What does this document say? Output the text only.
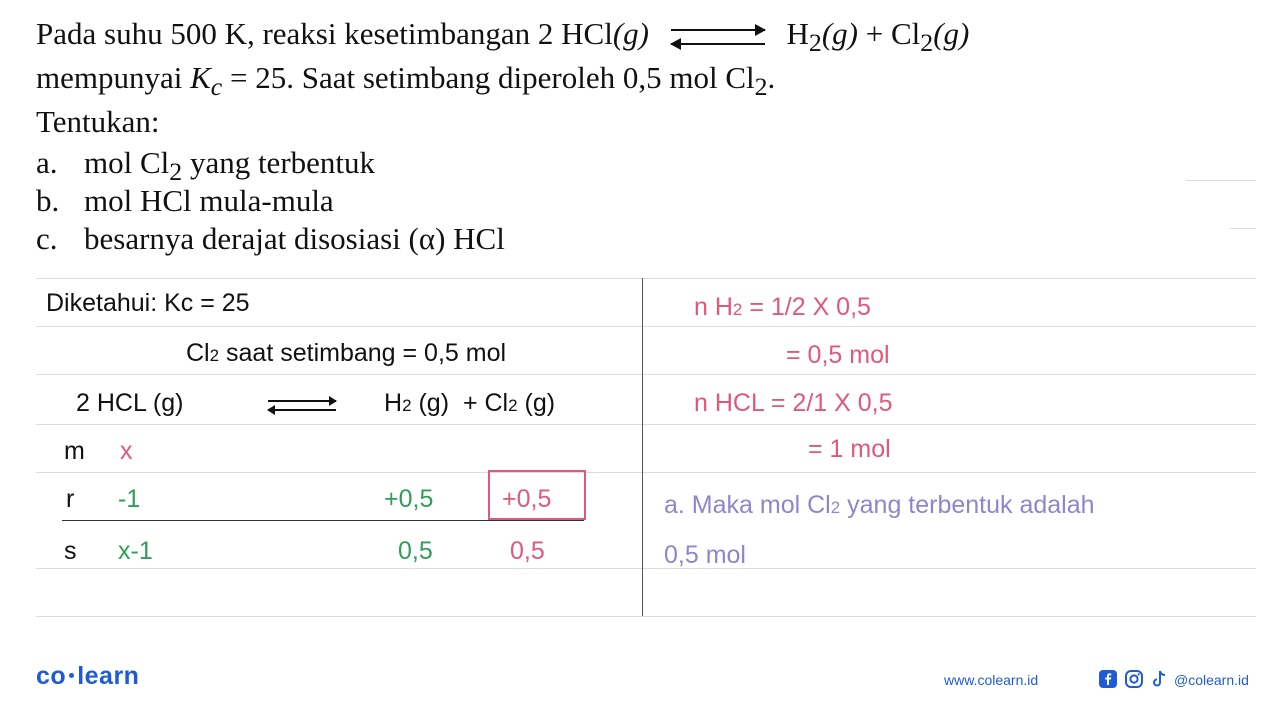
Pada suhu 500 K, reaksi kesetimbangan 2 HCl(g) ⇌ $H_2(g) + Cl_2(g)$
mempunyai $K_c = 25$. Saat setimbang diperoleh 0,5 mol $Cl_2$.
Tentukan:
a. mol $Cl_2$ yang terbentuk
b. mol HCl mula-mula
c. besarnya derajat disosiasi (α) HCl
Diketahui: Kc = 25
Cl2 saat setimbang = 0,5 mol
2 HCL (g)	H2 (g) + Cl2 (g)
m x
r -1	+0,5	+0,5
s x-1	0,5	0,5
n H2 = 1/2 X 0,5
= 0,5 mol
n HCL = 2/1 X 0,5
= 1 mol
a. Maka mol Cl2 yang terbentuk adalah
0,5 mol
co learn	www.colearn.id	@colearn.id
